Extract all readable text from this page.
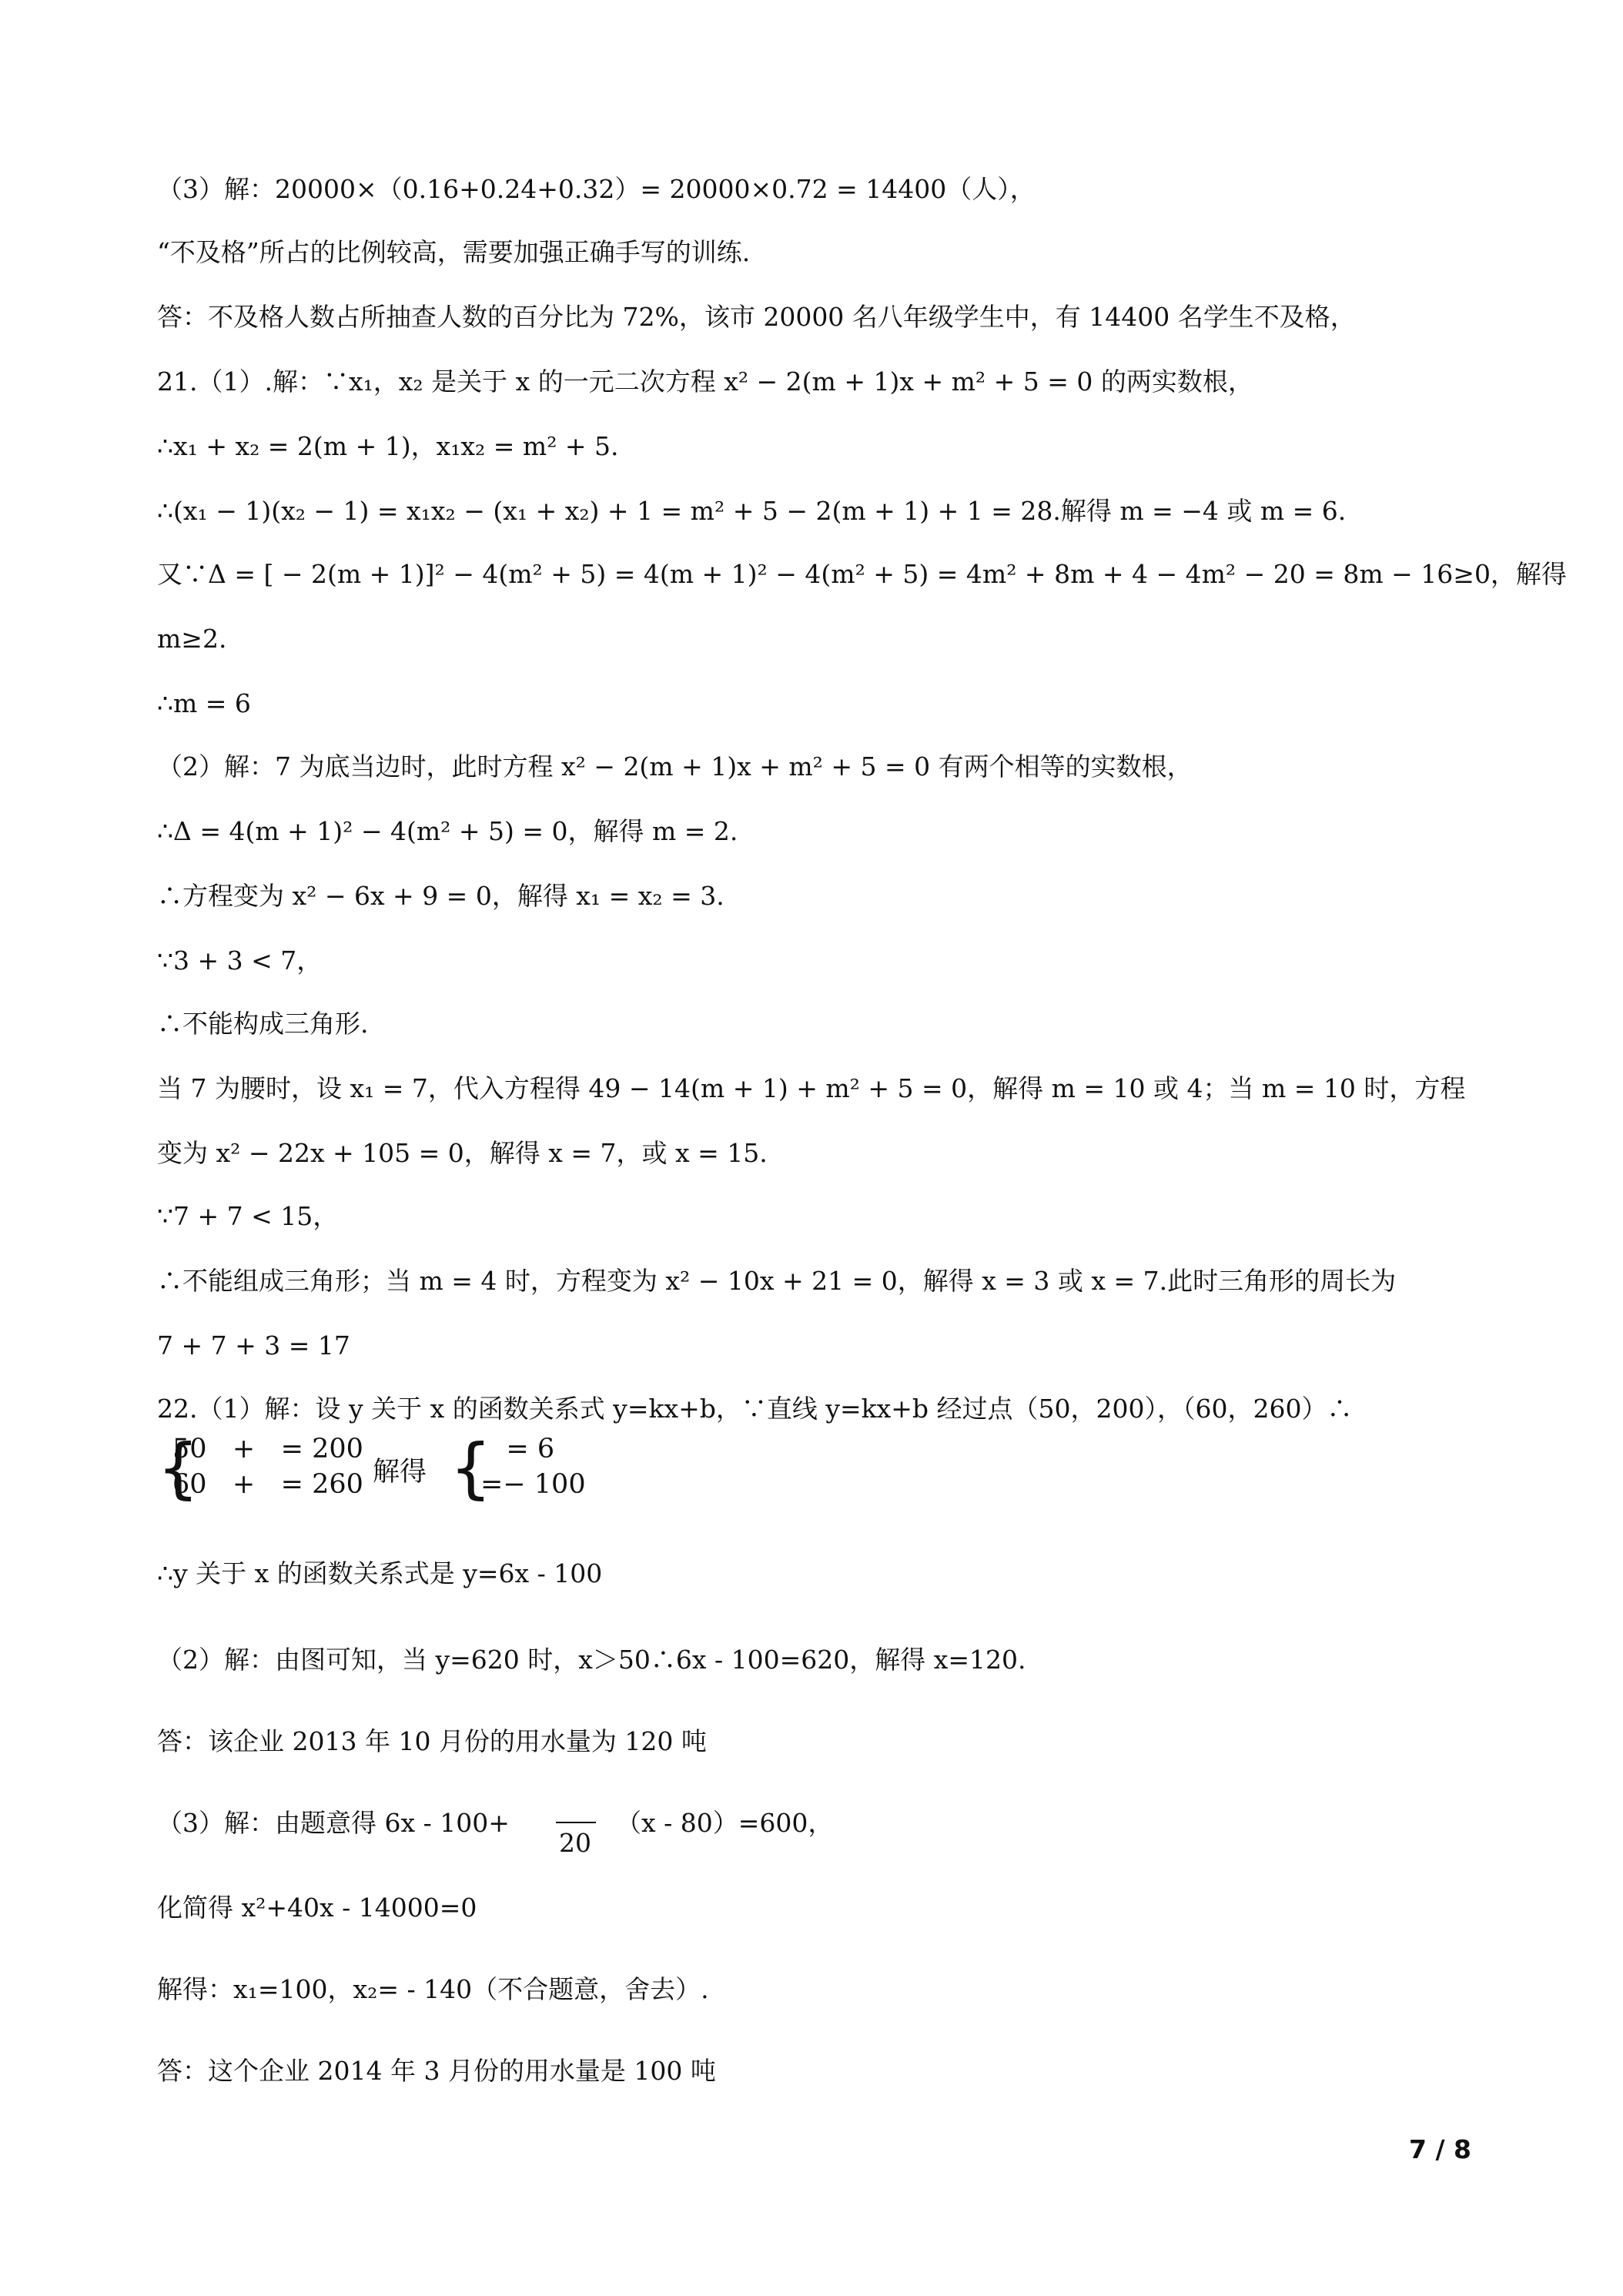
（3）解：20000×（0.16+0.24+0.32）= 20000×0.72 = 14400（人），
“不及格”所占的比例较高，需要加强正确手写的训练.
答：不及格人数占所抽查人数的百分比为 72%，该市 20000 名八年级学生中，有 14400 名学生不及格，
21.（1）.解：∵x₁，x₂ 是关于 x 的一元二次方程 x² − 2(m + 1)x + m² + 5 = 0 的两实数根，
∴x₁ + x₂ = 2(m + 1)，x₁x₂ = m² + 5.
∴(x₁ − 1)(x₂ − 1) = x₁x₂ − (x₁ + x₂) + 1 = m² + 5 − 2(m + 1) + 1 = 28.解得 m = −4 或 m = 6.
又∵Δ = [ − 2(m + 1)]² − 4(m² + 5) = 4(m + 1)² − 4(m² + 5) = 4m² + 8m + 4 − 4m² − 20 = 8m − 16≥0，解得
m≥2.
∴m = 6
（2）解：7 为底当边时，此时方程 x² − 2(m + 1)x + m² + 5 = 0 有两个相等的实数根，
∴Δ = 4(m + 1)² − 4(m² + 5) = 0，解得 m = 2.
∴方程变为 x² − 6x + 9 = 0，解得 x₁ = x₂ = 3.
∵3 + 3 < 7，
∴不能构成三角形.
当 7 为腰时，设 x₁ = 7，代入方程得 49 − 14(m + 1) + m² + 5 = 0，解得 m = 10 或 4；当 m = 10 时，方程
变为 x² − 22x + 105 = 0，解得 x = 7，或 x = 15.
∵7 + 7 < 15，
∴不能组成三角形；当 m = 4 时，方程变为 x² − 10x + 21 = 0，解得 x = 3 或 x = 7.此时三角形的周长为
7 + 7 + 3 = 17
22.（1）解：设 y 关于 x 的函数关系式 y=kx+b，∵直线 y=kx+b 经过点（50，200），（60，260）∴
{
50   +   = 200
60   +   = 260 解得 {
= 6
=− 100
∴y 关于 x 的函数关系式是 y=6x - 100
（2）解：由图可知，当 y=620 时，x＞50∴6x - 100=620，解得 x=120.
答：该企业 2013 年 10 月份的用水量为 120 吨
（3）解：由题意得 6x - 100+
20
（x - 80）=600，
化简得 x²+40x - 14000=0
解得：x₁=100，x₂= - 140（不合题意，舍去）.
答：这个企业 2014 年 3 月份的用水量是 100 吨
7 / 8
